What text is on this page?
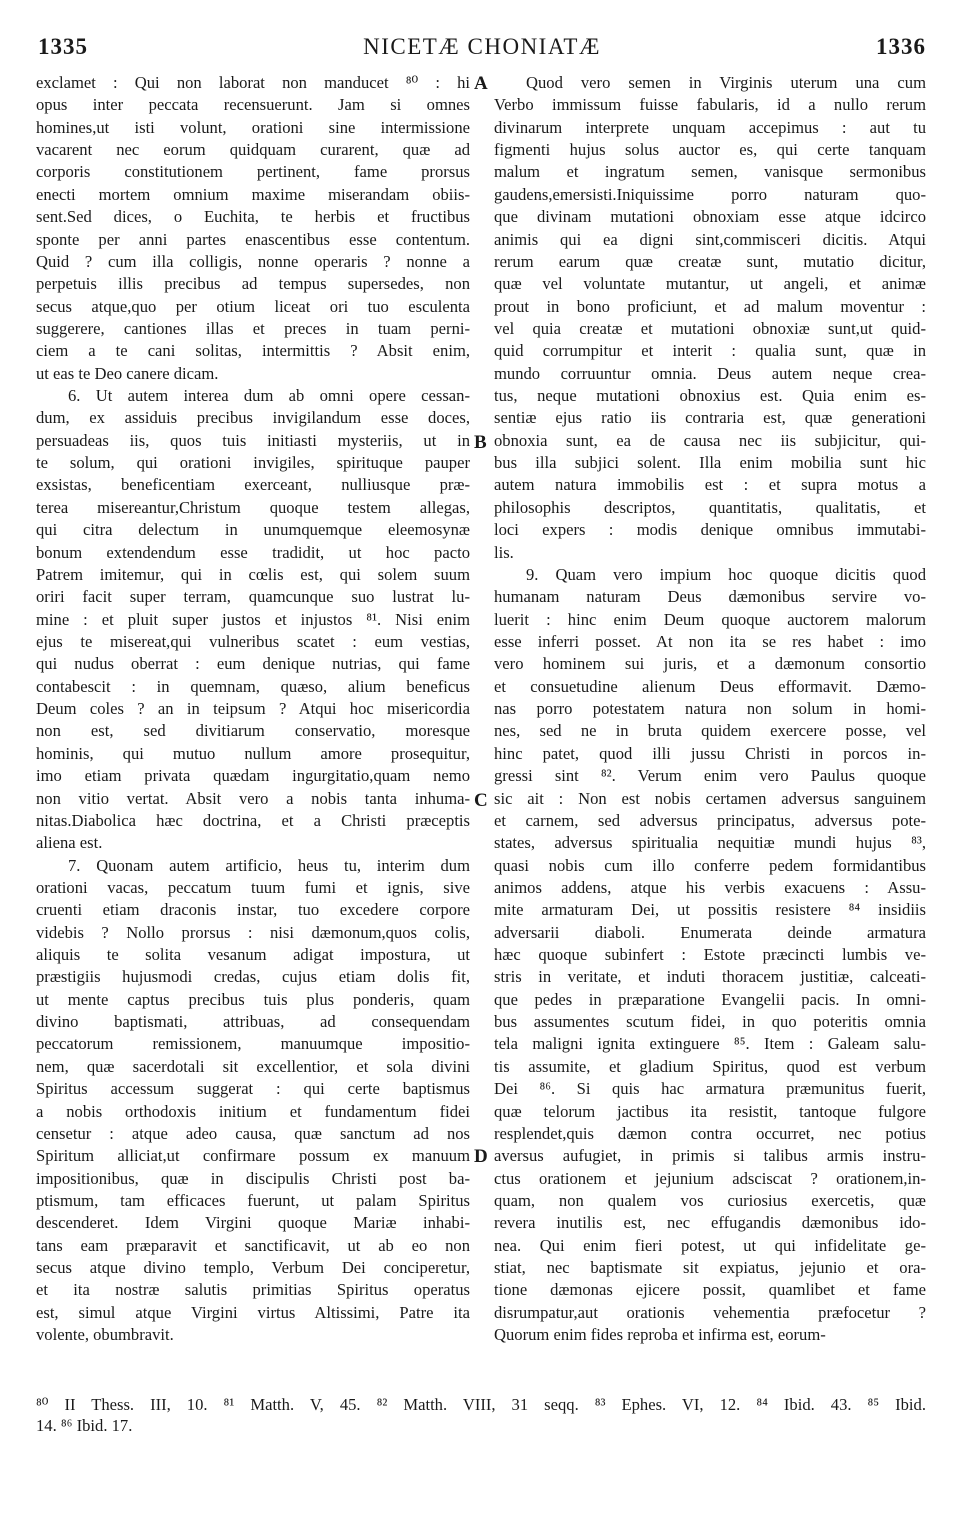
1335	NICETÆ CHONIATÆ	1336
exclamet : Qui non laborat non manducet ⁸⁰ : hi
opus inter peccata recensuerunt. Jam si omnes
homines,ut isti volunt, orationi sine intermissione
vacarent nec eorum quidquam curarent, quæ ad
corporis constitutionem pertinent, fame prorsus
enecti mortem omnium maxime miserandam obiis-
sent.Sed dices, o Euchita, te herbis et fructibus
sponte per anni partes enascentibus esse contentum.
Quid ? cum illa colligis, nonne operaris ? nonne a
perpetuis illis precibus ad tempus supersedes, non
secus atque,quo per otium liceat ori tuo esculenta
suggerere, cantiones illas et preces in tuam perni-
ciem a te cani solitas, intermittis ? Absit enim,
ut eas te Deo canere dicam.
6. Ut autem interea dum ab omni opere cessan-
dum, ex assiduis precibus invigilandum esse doces,
persuadeas iis, quos tuis initiasti mysteriis, ut in
te solum, qui orationi invigiles, spirituque pauper
exsistas, beneficentiam exerceant, nulliusque præ-
terea misereantur,Christum quoque testem allegas,
qui citra delectum in unumquemque eleemosynæ
bonum extendendum esse tradidit, ut hoc pacto
Patrem imitemur, qui in cœlis est, qui solem suum
oriri facit super terram, quamcunque suo lustrat lu-
mine : et pluit super justos et injustos ⁸¹. Nisi enim
ejus te misereat,qui vulneribus scatet : eum vestias,
qui nudus oberrat : eum denique nutrias, qui fame
contabescit : in quemnam, quæso, alium beneficus
Deum coles ? an in teipsum ? Atqui hoc misericordia
non est, sed divitiarum conservatio, moresque
hominis, qui mutuo nullum amore prosequitur,
imo etiam privata quædam ingurgitatio,quam nemo
non vitio vertat. Absit vero a nobis tanta inhuma-
nitas.Diabolica hæc doctrina, et a Christi præceptis
aliena est.
7. Quonam autem artificio, heus tu, interim dum
orationi vacas, peccatum tuum fumi et ignis, sive
cruenti etiam draconis instar, tuo excedere corpore
videbis ? Nollo prorsus : nisi dæmonum,quos colis,
aliquis te solita vesanum adigat impostura, ut
præstigiis hujusmodi credas, cujus etiam dolis fit,
ut mente captus precibus tuis plus ponderis, quam
divino baptismati, attribuas, ad consequendam
peccatorum remissionem, manuumque impositio-
nem, quæ sacerdotali sit excellentior, et sola divini
Spiritus accessum suggerat : qui certe baptismus
a nobis orthodoxis initium et fundamentum fidei
censetur : atque adeo causa, quæ sanctum ad nos
Spiritum alliciat,ut confirmare possum ex manuum
impositionibus, quæ in discipulis Christi post ba-
ptismum, tam efficaces fuerunt, ut palam Spiritus
descenderet. Idem Virgini quoque Mariæ inhabi-
tans eam præparavit et sanctificavit, ut ab eo non
secus atque divino templo, Verbum Dei conciperetur,
et ita nostræ salutis primitias Spiritus operatus
est, simul atque Virgini virtus Altissimi, Patre ita
volente, obumbravit.
Quod vero semen in Virginis uterum una cum
Verbo immissum fuisse fabularis, id a nullo rerum
divinarum interprete unquam accepimus : aut tu
figmenti hujus solus auctor es, qui certe tanquam
malum et ingratum semen, vanisque sermonibus
gaudens,emersisti.Iniquissime porro naturam quo-
que divinam mutationi obnoxiam esse atque idcirco
animis qui ea digni sint,commisceri dicitis. Atqui
rerum earum quæ creatæ sunt, mutatio dicitur,
quæ vel voluntate mutantur, ut angeli, et animæ
prout in bono proficiunt, et ad malum moventur :
vel quia creatæ et mutationi obnoxiæ sunt,ut quid-
quid corrumpitur et interit : qualia sunt, quæ in
mundo corruuntur omnia. Deus autem neque crea-
tus, neque mutationi obnoxius est. Quia enim es-
sentiæ ejus ratio iis contraria est, quæ generationi
obnoxia sunt, ea de causa nec iis subjicitur, qui-
bus illa subjici solent. Illa enim mobilia sunt hic
autem natura immobilis est : et supra motus a
philosophis descriptos, quantitatis, qualitatis, et
loci expers : modis denique omnibus immutabi-
lis.
9. Quam vero impium hoc quoque dicitis quod
humanam naturam Deus dæmonibus servire vo-
luerit : hinc enim Deum quoque auctorem malorum
esse inferri posset. At non ita se res habet : imo
vero hominem sui juris, et a dæmonum consortio
et consuetudine alienum Deus efformavit. Dæmo-
nas porro potestatem natura non solum in homi-
nes, sed ne in bruta quidem exercere posse, vel
hinc patet, quod illi jussu Christi in porcos in-
gressi sint ⁸². Verum enim vero Paulus quoque
sic ait : Non est nobis certamen adversus sanguinem
et carnem, sed adversus principatus, adversus pote-
states, adversus spiritualia nequitiæ mundi hujus ⁸³,
quasi nobis cum illo conferre pedem formidantibus
animos addens, atque his verbis exacuens : Assu-
mite armaturam Dei, ut possitis resistere ⁸⁴ insidiis
adversarii diaboli. Enumerata deinde armatura
hæc quoque subinfert : Estote præcincti lumbis ve-
stris in veritate, et induti thoracem justitiæ, calceati-
que pedes in præparatione Evangelii pacis. In omni-
bus assumentes scutum fidei, in quo poteritis omnia
tela maligni ignita extinguere ⁸⁵. Item : Galeam salu-
tis assumite, et gladium Spiritus, quod est verbum
Dei ⁸⁶. Si quis hac armatura præmunitus fuerit,
quæ telorum jactibus ita resistit, tantoque fulgore
resplendet,quis dæmon contra occurret, nec potius
aversus aufugiet, in primis si talibus armis instru-
ctus orationem et jejunium adsciscat ? orationem,in-
quam, non qualem vos curiosius exercetis, quæ
revera inutilis est, nec effugandis dæmonibus ido-
nea. Qui enim fieri potest, ut qui infidelitate ge-
stiat, nec baptismate sit expiatus, jejunio et ora-
tione dæmonas ejicere possit, quamlibet et fame
disrumpatur,aut orationis vehementia præfocetur ?
Quorum enim fides reproba et infirma est, eorum-
A
B
C
D
⁸⁰ II Thess. III, 10. ⁸¹ Matth. V, 45. ⁸² Matth. VIII, 31 seqq. ⁸³ Ephes. VI, 12. ⁸⁴ Ibid. 43. ⁸⁵ Ibid.
14. ⁸⁶ Ibid. 17.
